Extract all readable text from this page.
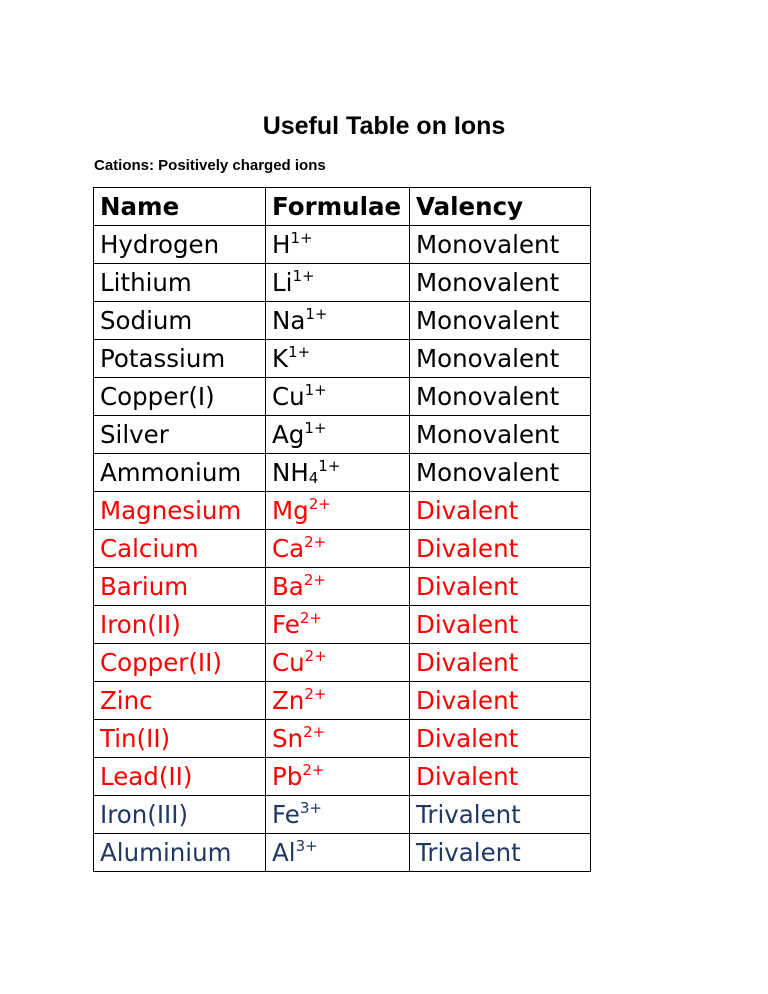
Useful Table on Ions
Cations: Positively charged ions
Name	Formulae	Valency
Hydrogen	$H^{1+}$	Monovalent
Lithium	$Li^{1+}$	Monovalent
Sodium	$Na^{1+}$	Monovalent
Potassium	$K^{1+}$	Monovalent
Copper(I)	$Cu^{1+}$	Monovalent
Silver	$Ag^{1+}$	Monovalent
Ammonium	$NH_4^{1+}$	Monovalent
Magnesium	$Mg^{2+}$	Divalent
Calcium	$Ca^{2+}$	Divalent
Barium	$Ba^{2+}$	Divalent
Iron(II)	$Fe^{2+}$	Divalent
Copper(II)	$Cu^{2+}$	Divalent
Zinc	$Zn^{2+}$	Divalent
Tin(II)	$Sn^{2+}$	Divalent
Lead(II)	$Pb^{2+}$	Divalent
Iron(III)	$Fe^{3+}$	Trivalent
Aluminium	$Al^{3+}$	Trivalent
